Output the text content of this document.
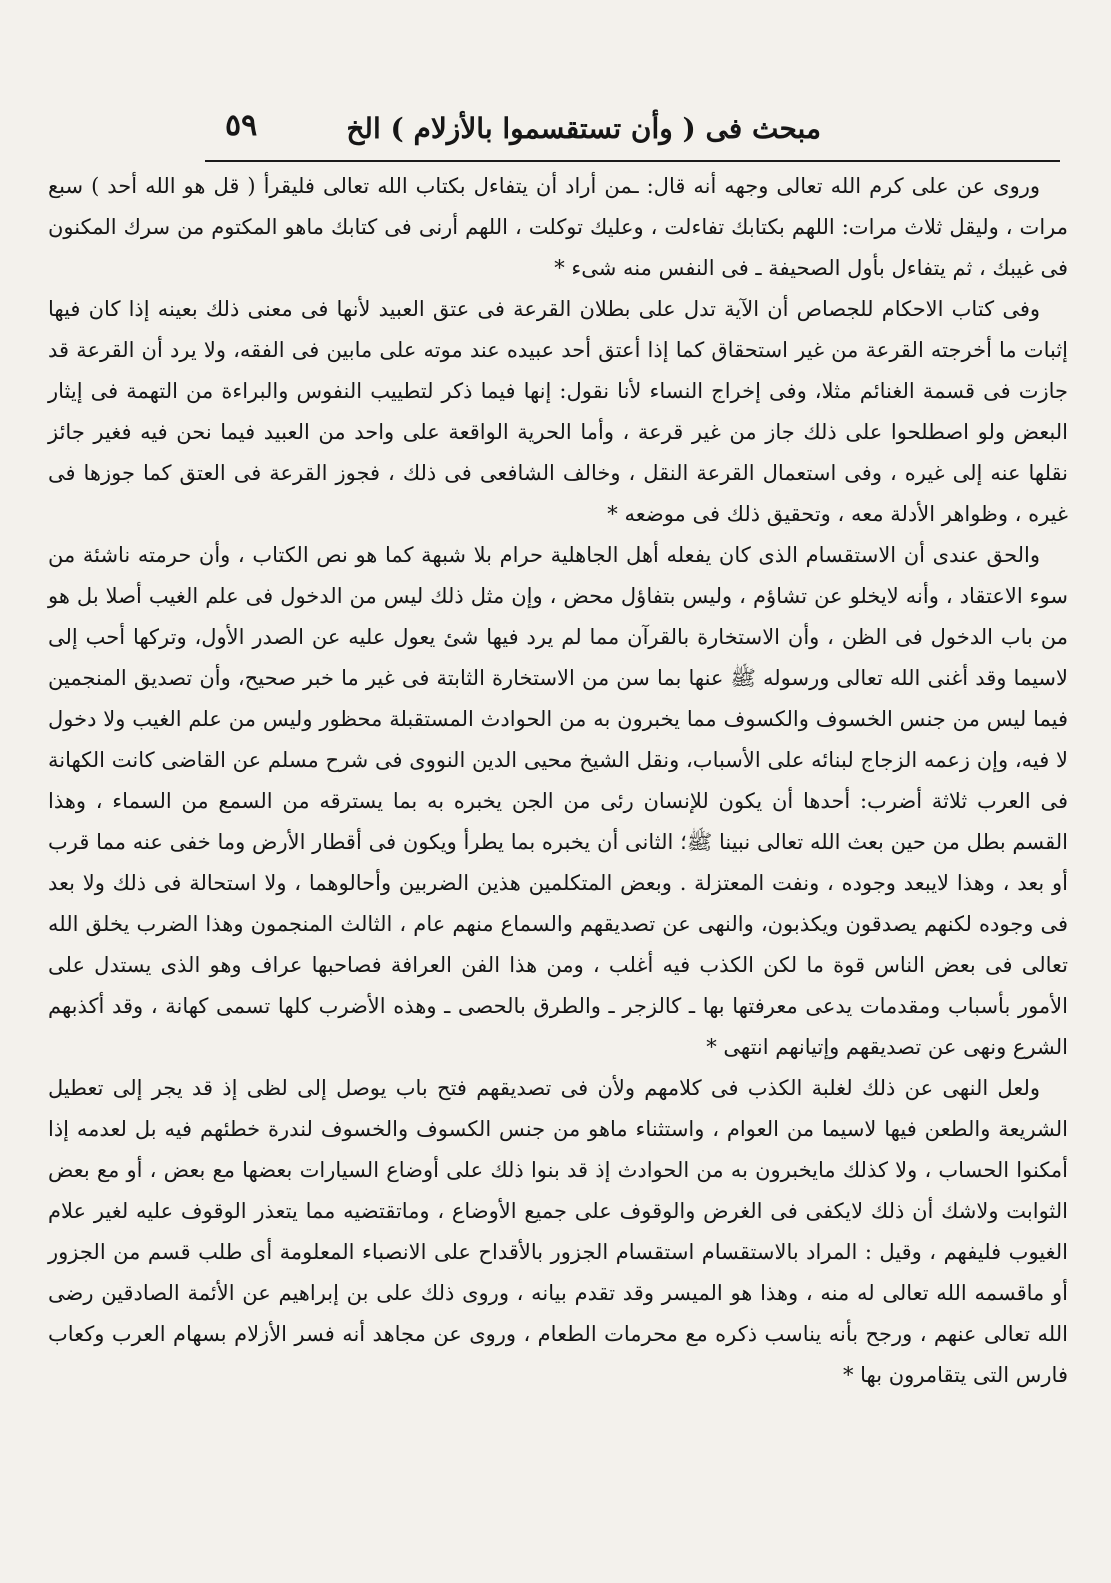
مبحث فى ( وأن تستقسموا بالأزلام ) الخ
٥٩

وروى عن على كرم الله تعالى وجهه أنه قال: ـمن أراد أن يتفاءل بكتاب الله تعالى فليقرأ ( قل هو الله أحد ) سبع مرات ، وليقل ثلاث مرات: اللهم بكتابك تفاءلت ، وعليك توكلت ، اللهم أرنى فى كتابك ماهو المكتوم من سرك المكنون فى غيبك ، ثم يتفاءل بأول الصحيفة ـ فى النفس منه شىء *

وفى كتاب الاحكام للجصاص أن الآية تدل على بطلان القرعة فى عتق العبيد لأنها فى معنى ذلك بعينه إذا كان فيها إثبات ما أخرجته القرعة من غير استحقاق كما إذا أعتق أحد عبيده عند موته على مابين فى الفقه، ولا يرد أن القرعة قد جازت فى قسمة الغنائم مثلا، وفى إخراج النساء لأنا نقول: إنها فيما ذكر لتطييب النفوس والبراءة من التهمة فى إيثار البعض ولو اصطلحوا على ذلك جاز من غير قرعة ، وأما الحرية الواقعة على واحد من العبيد فيما نحن فيه فغير جائز نقلها عنه إلى غيره ، وفى استعمال القرعة النقل ، وخالف الشافعى فى ذلك ، فجوز القرعة فى العتق كما جوزها فى غيره ، وظواهر الأدلة معه ، وتحقيق ذلك فى موضعه *

والحق عندى أن الاستقسام الذى كان يفعله أهل الجاهلية حرام بلا شبهة كما هو نص الكتاب ، وأن حرمته ناشئة من سوء الاعتقاد ، وأنه لايخلو عن تشاؤم ، وليس بتفاؤل محض ، وإن مثل ذلك ليس من الدخول فى علم الغيب أصلا بل هو من باب الدخول فى الظن ، وأن الاستخارة بالقرآن مما لم يرد فيها شئ يعول عليه عن الصدر الأول، وتركها أحب إلى لاسيما وقد أغنى الله تعالى ورسوله ﷺ عنها بما سن من الاستخارة الثابتة فى غير ما خبر صحيح، وأن تصديق المنجمين فيما ليس من جنس الخسوف والكسوف مما يخبرون به من الحوادث المستقبلة محظور وليس من علم الغيب ولا دخول لا فيه، وإن زعمه الزجاج لبنائه على الأسباب، ونقل الشيخ محيى الدين النووى فى شرح مسلم عن القاضى كانت الكهانة فى العرب ثلاثة أضرب: أحدها أن يكون للإنسان رئى من الجن يخبره به بما يسترقه من السمع من السماء ، وهذا القسم بطل من حين بعث الله تعالى نبينا ﷺ؛ الثانى أن يخبره بما يطرأ ويكون فى أقطار الأرض وما خفى عنه مما قرب أو بعد ، وهذا لايبعد وجوده ، ونفت المعتزلة . وبعض المتكلمين هذين الضربين وأحالوهما ، ولا استحالة فى ذلك ولا بعد فى وجوده لكنهم يصدقون ويكذبون، والنهى عن تصديقهم والسماع منهم عام ، الثالث المنجمون وهذا الضرب يخلق الله تعالى فى بعض الناس قوة ما لكن الكذب فيه أغلب ، ومن هذا الفن العرافة فصاحبها عراف وهو الذى يستدل على الأمور بأسباب ومقدمات يدعى معرفتها بها ـ كالزجر ـ والطرق بالحصى ـ وهذه الأضرب كلها تسمى كهانة ، وقد أكذبهم الشرع ونهى عن تصديقهم وإتيانهم انتهى *

ولعل النهى عن ذلك لغلبة الكذب فى كلامهم ولأن فى تصديقهم فتح باب يوصل إلى لظى إذ قد يجر إلى تعطيل الشريعة والطعن فيها لاسيما من العوام ، واستثناء ماهو من جنس الكسوف والخسوف لندرة خطئهم فيه بل لعدمه إذا أمكنوا الحساب ، ولا كذلك مايخبرون به من الحوادث إذ قد بنوا ذلك على أوضاع السيارات بعضها مع بعض ، أو مع بعض الثوابت ولاشك أن ذلك لايكفى فى الغرض والوقوف على جميع الأوضاع ، وماتقتضيه مما يتعذر الوقوف عليه لغير علام الغيوب فليفهم ، وقيل : المراد بالاستقسام استقسام الجزور بالأقداح على الانصباء المعلومة أى طلب قسم من الجزور أو ماقسمه الله تعالى له منه ، وهذا هو الميسر وقد تقدم بيانه ، وروى ذلك على بن إبراهيم عن الأئمة الصادقين رضى الله تعالى عنهم ، ورجح بأنه يناسب ذكره مع محرمات الطعام ، وروى عن مجاهد أنه فسر الأزلام بسهام العرب وكعاب فارس التى يتقامرون بها *
